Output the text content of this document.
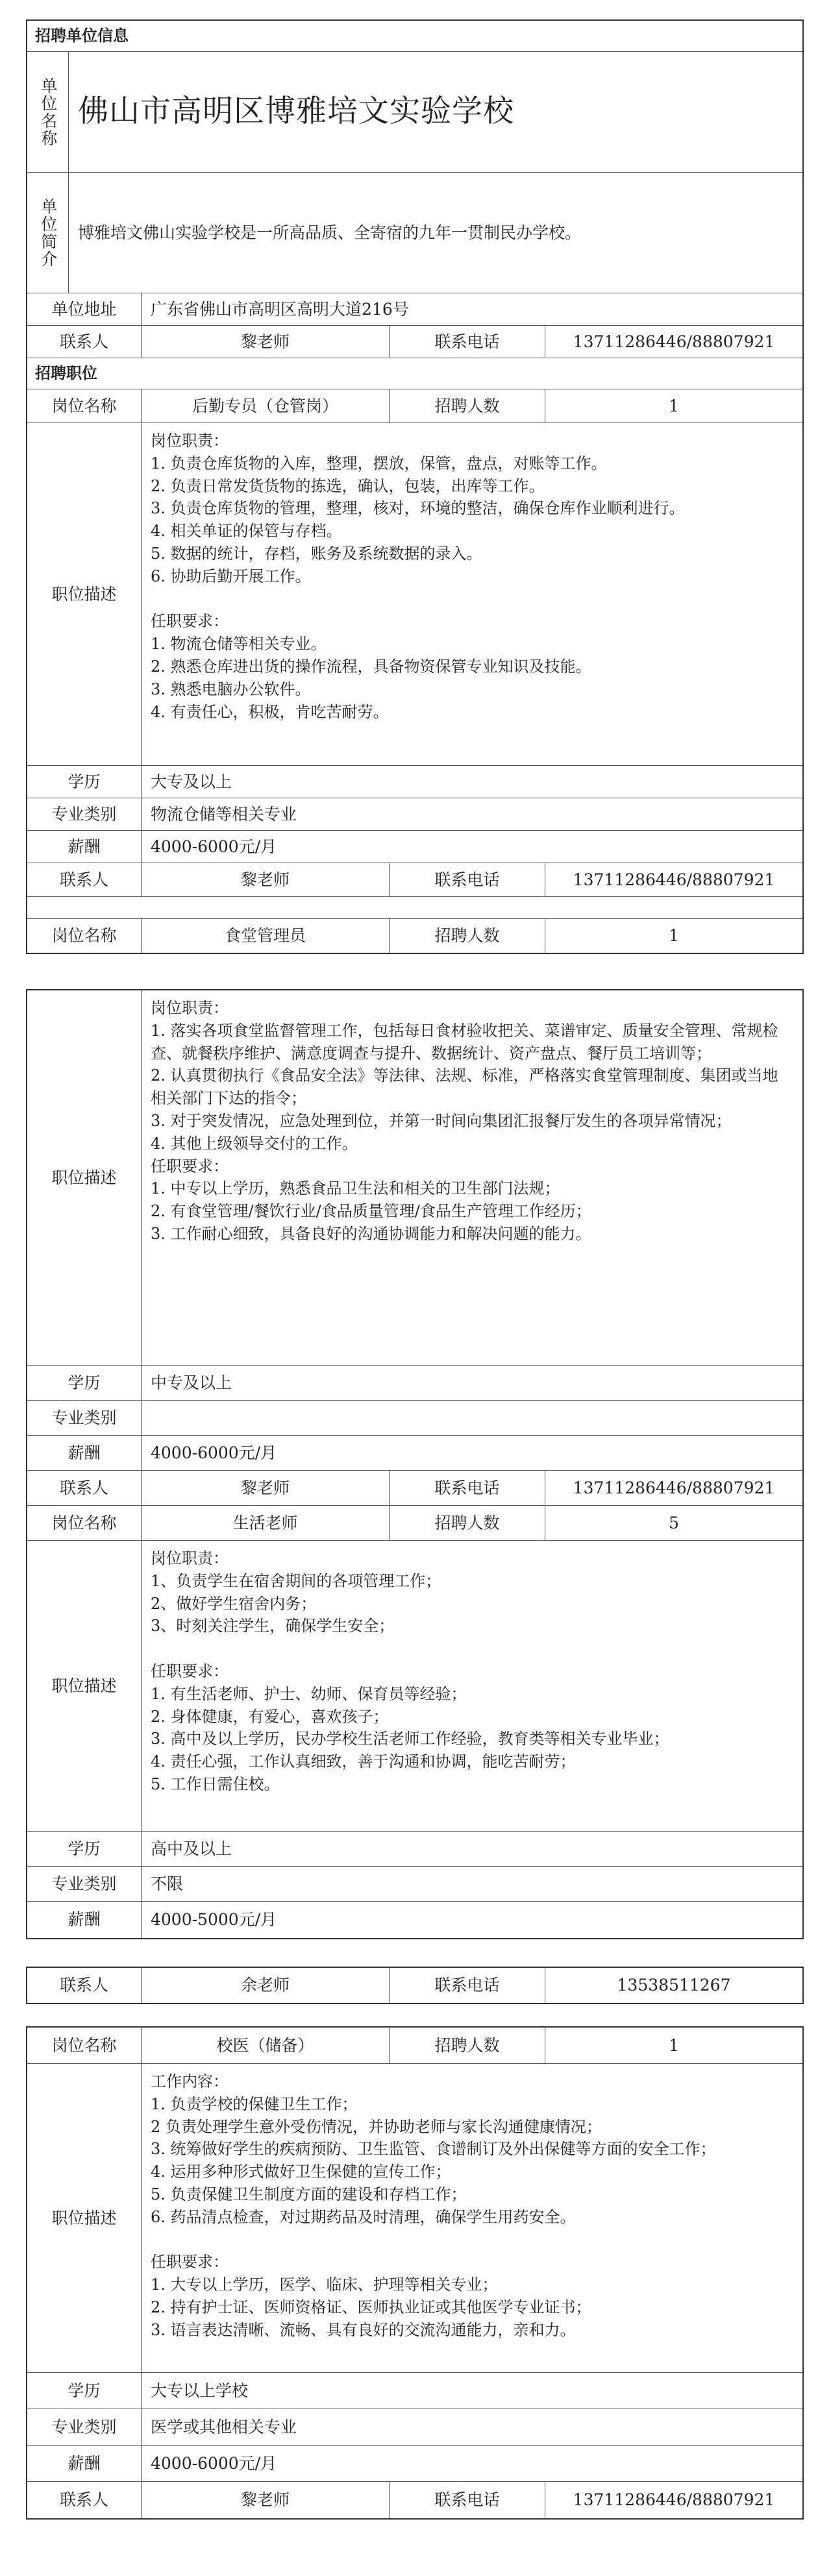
招聘单位信息
单位名称 佛山市高明区博雅培文实验学校
单位简介	博雅培文佛山实验学校是一所高品质、全寄宿的九年一贯制民办学校。
单位地址	广东省佛山市高明区高明大道216号
联系人	黎老师	联系电话	13711286446/88807921
招聘职位
岗位名称	后勤专员（仓管岗）	招聘人数	1
职位描述
岗位职责：
1. 负责仓库货物的入库，整理，摆放，保管，盘点，对账等工作。
2. 负责日常发货货物的拣选，确认，包装，出库等工作。
3. 负责仓库货物的管理，整理，核对，环境的整洁，确保仓库作业顺利进行。
4. 相关单证的保管与存档。
5. 数据的统计，存档，账务及系统数据的录入。
6. 协助后勤开展工作。

任职要求：
1. 物流仓储等相关专业。
2. 熟悉仓库进出货的操作流程，具备物资保管专业知识及技能。
3. 熟悉电脑办公软件。
4. 有责任心，积极，肯吃苦耐劳。
学历	大专及以上
专业类别	物流仓储等相关专业
薪酬	4000-6000元/月
联系人	黎老师	联系电话	13711286446/88807921
岗位名称	食堂管理员	招聘人数	1
职位描述
岗位职责：
1. 落实各项食堂监督管理工作，包括每日食材验收把关、菜谱审定、质量安全管理、常规检查、就餐秩序维护、满意度调查与提升、数据统计、资产盘点、餐厅员工培训等；
2. 认真贯彻执行《食品安全法》等法律、法规、标准，严格落实食堂管理制度、集团或当地相关部门下达的指令；
3. 对于突发情况，应急处理到位，并第一时间向集团汇报餐厅发生的各项异常情况；
4. 其他上级领导交付的工作。
任职要求：
1. 中专以上学历，熟悉食品卫生法和相关的卫生部门法规；
2. 有食堂管理/餐饮行业/食品质量管理/食品生产管理工作经历；
3. 工作耐心细致，具备良好的沟通协调能力和解决问题的能力。
学历	中专及以上
专业类别
薪酬	4000-6000元/月
联系人	黎老师	联系电话	13711286446/88807921
岗位名称	生活老师	招聘人数	5
职位描述
岗位职责：
1、负责学生在宿舍期间的各项管理工作；
2、做好学生宿舍内务；
3、时刻关注学生，确保学生安全；

任职要求：
1. 有生活老师、护士、幼师、保育员等经验；
2. 身体健康，有爱心，喜欢孩子；
3. 高中及以上学历，民办学校生活老师工作经验，教育类等相关专业毕业；
4. 责任心强，工作认真细致，善于沟通和协调，能吃苦耐劳；
5. 工作日需住校。
学历	高中及以上
专业类别	不限
薪酬	4000-5000元/月
联系人	余老师	联系电话	13538511267
岗位名称	校医（储备）	招聘人数	1
职位描述
工作内容：
1. 负责学校的保健卫生工作；
2 负责处理学生意外受伤情况，并协助老师与家长沟通健康情况；
3. 统筹做好学生的疾病预防、卫生监管、食谱制订及外出保健等方面的安全工作；
4. 运用多种形式做好卫生保健的宣传工作；
5. 负责保健卫生制度方面的建设和存档工作；
6. 药品清点检查，对过期药品及时清理，确保学生用药安全。

任职要求：
1. 大专以上学历，医学、临床、护理等相关专业；
2. 持有护士证、医师资格证、医师执业证或其他医学专业证书；
3. 语言表达清晰、流畅、具有良好的交流沟通能力，亲和力。
学历	大专以上学校
专业类别	医学或其他相关专业
薪酬	4000-6000元/月
联系人	黎老师	联系电话	13711286446/88807921
